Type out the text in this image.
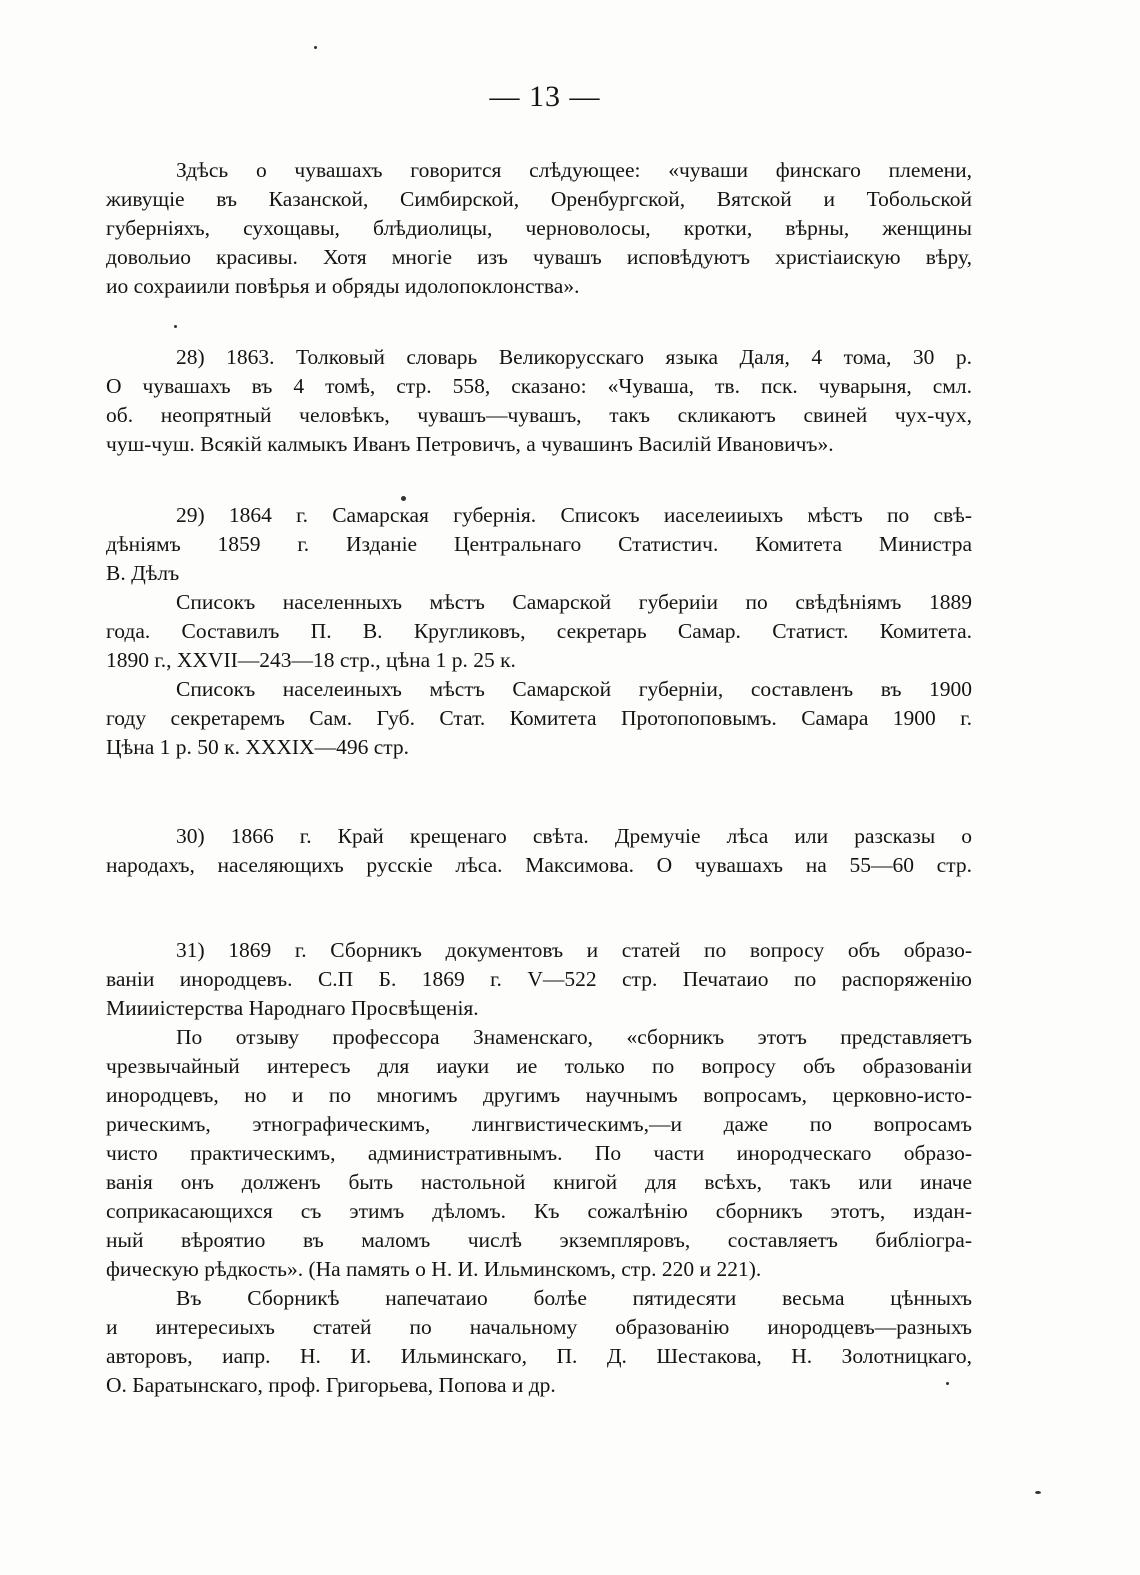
— 13 —
Здѣсь о чувашахъ говорится слѣдующее: «чуваши финскаго племени,
живущіе въ Казанской, Симбирской, Оренбургской, Вятской и Тобольской
губерніяхъ, сухощавы, блѣдиолицы, черноволосы, кротки, вѣрны, женщины
довольио красивы. Хотя многіе изъ чувашъ исповѣдуютъ христіаискую вѣру,
ио сохраиили повѣрья и обряды идолопоклонства».
28) 1863. Толковый словарь Великорусскаго языка Даля, 4 тома, 30 р.
О чувашахъ въ 4 томѣ, стр. 558, сказано: «Чуваша, тв. пск. чуварыня, смл.
об. неопрятный человѣкъ, чувашъ—чувашъ, такъ скликаютъ свиней чух-чух,
чуш-чуш. Всякій калмыкъ Иванъ Петровичъ, а чувашинъ Василій Ивановичъ».
29) 1864 г. Самарская губернія. Списокъ иаселеииыхъ мѣстъ по свѣ-
дѣніямъ 1859 г. Изданіе Центральнаго Статистич. Комитета Министра
В. Дѣлъ
Списокъ населенныхъ мѣстъ Самарской губериіи по свѣдѣніямъ 1889
года. Составилъ П. В. Кругликовъ, секретарь Самар. Статист. Комитета.
1890 г., XXVII—243—18 стр., цѣна 1 р. 25 к.
Списокъ населеиныхъ мѣстъ Самарской губерніи, составленъ въ 1900
году секретаремъ Сам. Губ. Стат. Комитета Протопоповымъ. Самара 1900 г.
Цѣна 1 р. 50 к. XXXIX—496 стр.
30) 1866 г. Край крещенаго свѣта. Дремучіе лѣса или разсказы о
народахъ, населяющихъ русскіе лѣса. Максимова. О чувашахъ на 55—60 стр.
31) 1869 г. Сборникъ документовъ и статей по вопросу объ образо-
ваніи инородцевъ. С.П Б. 1869 г. V—522 стр. Печатаио по распоряженію
Миииістерства Народнаго Просвѣщенія.
По отзыву профессора Знаменскаго, «сборникъ этотъ представляетъ
чрезвычайный интересъ для иауки ие только по вопросу объ образованіи
инородцевъ, но и по многимъ другимъ научнымъ вопросамъ, церковно-исто-
рическимъ, этнографическимъ, лингвистическимъ,—и даже по вопросамъ
чисто практическимъ, административнымъ. По части инородческаго образо-
ванія онъ долженъ быть настольной книгой для всѣхъ, такъ или иначе
соприкасающихся съ этимъ дѣломъ. Къ сожалѣнію сборникъ этотъ, издан-
ный вѣроятио въ маломъ числѣ экземпляровъ, составляетъ библіогра-
фическую рѣдкость». (На память о Н. И. Ильминскомъ, стр. 220 и 221).
Въ Сборникѣ напечатаио болѣе пятидесяти весьма цѣнныхъ
и интересиыхъ статей по начальному образованію инородцевъ—разныхъ
авторовъ, иапр. Н. И. Ильминскаго, П. Д. Шестакова, Н. Золотницкаго,
О. Баратынскаго, проф. Григорьева, Попова и др.
